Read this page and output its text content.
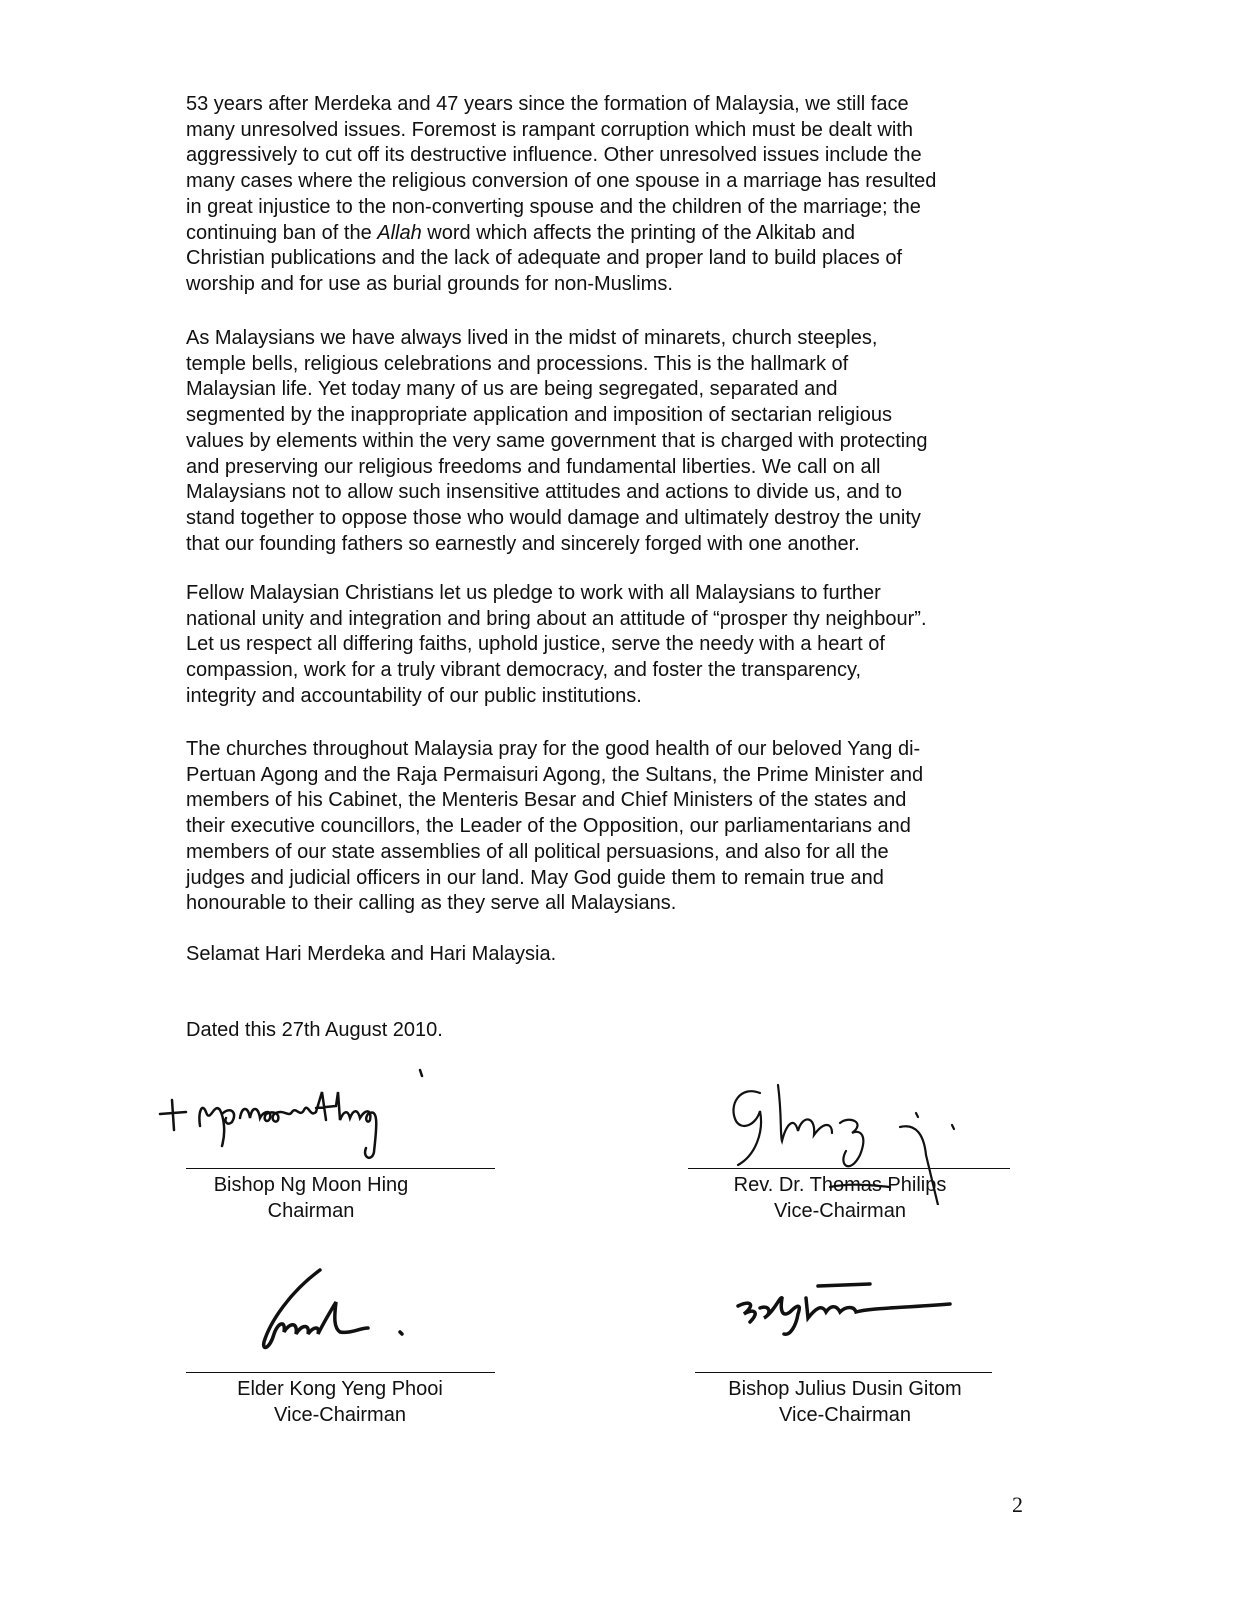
53 years after Merdeka and 47 years since the formation of Malaysia, we still face
many unresolved issues. Foremost is rampant corruption which must be dealt with
aggressively to cut off its destructive influence. Other unresolved issues include the
many cases where the religious conversion of one spouse in a marriage has resulted
in great injustice to the non-converting spouse and the children of the marriage; the
continuing ban of the Allah word which affects the printing of the Alkitab and
Christian publications and the lack of adequate and proper land to build places of
worship and for use as burial grounds for non-Muslims.
As Malaysians we have always lived in the midst of minarets, church steeples,
temple bells, religious celebrations and processions. This is the hallmark of
Malaysian life. Yet today many of us are being segregated, separated and
segmented by the inappropriate application and imposition of sectarian religious
values by elements within the very same government that is charged with protecting
and preserving our religious freedoms and fundamental liberties. We call on all
Malaysians not to allow such insensitive attitudes and actions to divide us, and to
stand together to oppose those who would damage and ultimately destroy the unity
that our founding fathers so earnestly and sincerely forged with one another.
Fellow Malaysian Christians let us pledge to work with all Malaysians to further
national unity and integration and bring about an attitude of “prosper thy neighbour”.
Let us respect all differing faiths, uphold justice, serve the needy with a heart of
compassion, work for a truly vibrant democracy, and foster the transparency,
integrity and accountability of our public institutions.
The churches throughout Malaysia pray for the good health of our beloved Yang di-
Pertuan Agong and the Raja Permaisuri Agong, the Sultans, the Prime Minister and
members of his Cabinet, the Menteris Besar and Chief Ministers of the states and
their executive councillors, the Leader of the Opposition, our parliamentarians and
members of our state assemblies of all political persuasions, and also for all the
judges and judicial officers in our land. May God guide them to remain true and
honourable to their calling as they serve all Malaysians.
Selamat Hari Merdeka and Hari Malaysia.
Dated this 27th August 2010.
Bishop Ng Moon Hing
Chairman
Rev. Dr. Thomas Philips
Vice-Chairman
Elder Kong Yeng Phooi
Vice-Chairman
Bishop Julius Dusin Gitom
Vice-Chairman
2
